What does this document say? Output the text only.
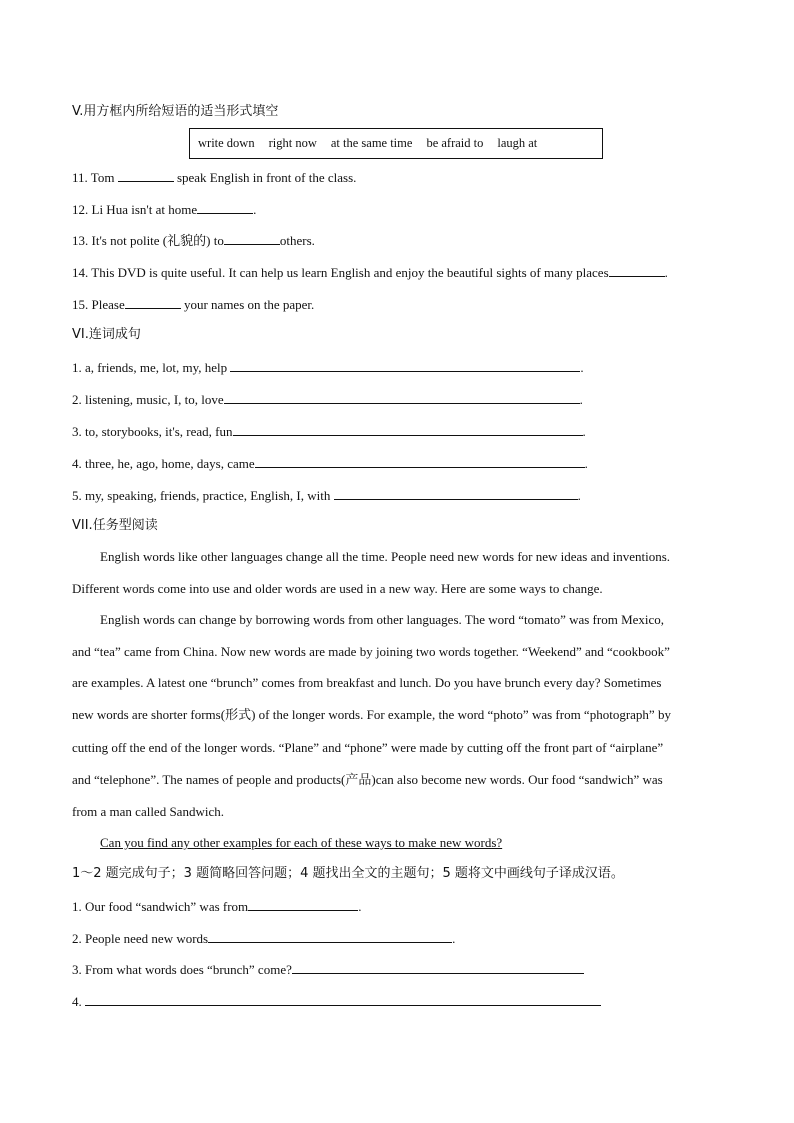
V.用方框内所给短语的适当形式填空
write down right now at the same time be afraid to laugh at
11. Tom	speak English in front of the class.
12. Li Hua isn't at home	.
13. It's not polite (礼貌的) to	others.
14. This DVD is quite useful. It can help us learn English and enjoy the beautiful sights of many places	.
15. Please	your names on the paper.
VI.连词成句
1. a, friends, me, lot, my, help	.
2. listening, music, I, to, love	.
3. to, storybooks, it's, read, fun	.
4. three, he, ago, home, days, came	.
5. my, speaking, friends, practice, English, I, with	.
VII.任务型阅读
English words like other languages change all the time. People need new words for new ideas and inventions.
Different words come into use and older words are used in a new way. Here are some ways to change.
English words can change by borrowing words from other languages. The word “tomato” was from Mexico,
and “tea” came from China. Now new words are made by joining two words together. “Weekend” and “cookbook”
are examples. A latest one “brunch” comes from breakfast and lunch. Do you have brunch every day? Sometimes
new words are shorter forms(形式) of the longer words. For example, the word “photo” was from “photograph” by
cutting off the end of the longer words. “Plane” and “phone” were made by cutting off the front part of “airplane”
and “telephone”. The names of people and products(产品)can also become new words. Our food “sandwich” was
from a man called Sandwich.
Can you find any other examples for each of these ways to make new words?
1～2 题完成句子；3 题简略回答问题；4 题找出全文的主题句；5 题将文中画线句子译成汉语。
1. Our food “sandwich” was from	.
2. People need new words	.
3. From what words does “brunch” come?
4.
